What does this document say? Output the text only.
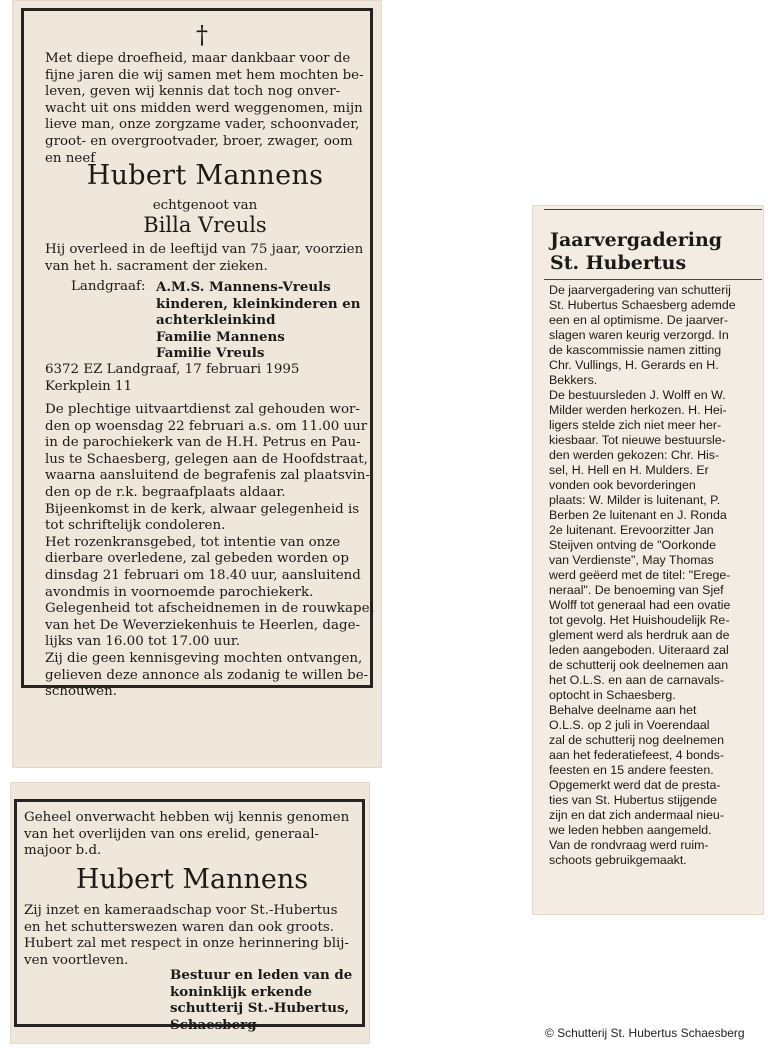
†
Met diepe droefheid, maar dankbaar voor de
fijne jaren die wij samen met hem mochten be-
leven, geven wij kennis dat toch nog onver-
wacht uit ons midden werd weggenomen, mijn
lieve man, onze zorgzame vader, schoonvader,
groot- en overgrootvader, broer, zwager, oom
en neef
Hubert Mannens
echtgenoot van
Billa Vreuls
Hij overleed in de leeftijd van 75 jaar, voorzien
van het h. sacrament der zieken.
Landgraaf: A.M.S. Mannens-Vreuls
kinderen, kleinkinderen en
achterkleinkind
Familie Mannens
Familie Vreuls
6372 EZ Landgraaf, 17 februari 1995
Kerkplein 11
De plechtige uitvaartdienst zal gehouden wor-
den op woensdag 22 februari a.s. om 11.00 uur
in de parochiekerk van de H.H. Petrus en Pau-
lus te Schaesberg, gelegen aan de Hoofdstraat,
waarna aansluitend de begrafenis zal plaatsvin-
den op de r.k. begraafplaats aldaar.
Bijeenkomst in de kerk, alwaar gelegenheid is
tot schriftelijk condoleren.
Het rozenkransgebed, tot intentie van onze
dierbare overledene, zal gebeden worden op
dinsdag 21 februari om 18.40 uur, aansluitend
avondmis in voornoemde parochiekerk.
Gelegenheid tot afscheidnemen in de rouwkapel
van het De Weverziekenhuis te Heerlen, dage-
lijks van 16.00 tot 17.00 uur.
Zij die geen kennisgeving mochten ontvangen,
gelieven deze annonce als zodanig te willen be-
schouwen.
Geheel onverwacht hebben wij kennis genomen
van het overlijden van ons erelid, generaal-
majoor b.d.
Hubert Mannens
Zij inzet en kameraadschap voor St.-Hubertus
en het schutterswezen waren dan ook groots.
Hubert zal met respect in onze herinnering blij-
ven voortleven.
Bestuur en leden van de
koninklijk erkende
schutterij St.-Hubertus,
Schaesberg
Jaarvergadering
St. Hubertus
De jaarvergadering van schutterij
St. Hubertus Schaesberg ademde
een en al optimisme. De jaarver-
slagen waren keurig verzorgd. In
de kascommissie namen zitting
Chr. Vullings, H. Gerards en H.
Bekkers.
De bestuursleden J. Wolff en W.
Milder werden herkozen. H. Hei-
ligers stelde zich niet meer her-
kiesbaar. Tot nieuwe bestuursle-
den werden gekozen: Chr. His-
sel, H. Hell en H. Mulders. Er
vonden ook bevorderingen
plaats: W. Milder is luitenant, P.
Berben 2e luitenant en J. Ronda
2e luitenant. Erevoorzitter Jan
Steijven ontving de "Oorkonde
van Verdienste", May Thomas
werd geëerd met de titel: "Erege-
neraal". De benoeming van Sjef
Wolff tot generaal had een ovatie
tot gevolg. Het Huishoudelijk Re-
glement werd als herdruk aan de
leden aangeboden. Uiteraard zal
de schutterij ook deelnemen aan
het O.L.S. en aan de carnavals-
optocht in Schaesberg.
Behalve deelname aan het
O.L.S. op 2 juli in Voerendaal
zal de schutterij nog deelnemen
aan het federatiefeest, 4 bonds-
feesten en 15 andere feesten.
Opgemerkt werd dat de presta-
ties van St. Hubertus stijgende
zijn en dat zich andermaal nieu-
we leden hebben aangemeld.
Van de rondvraag werd ruim-
schoots gebruikgemaakt.
© Schutterij St. Hubertus Schaesberg
